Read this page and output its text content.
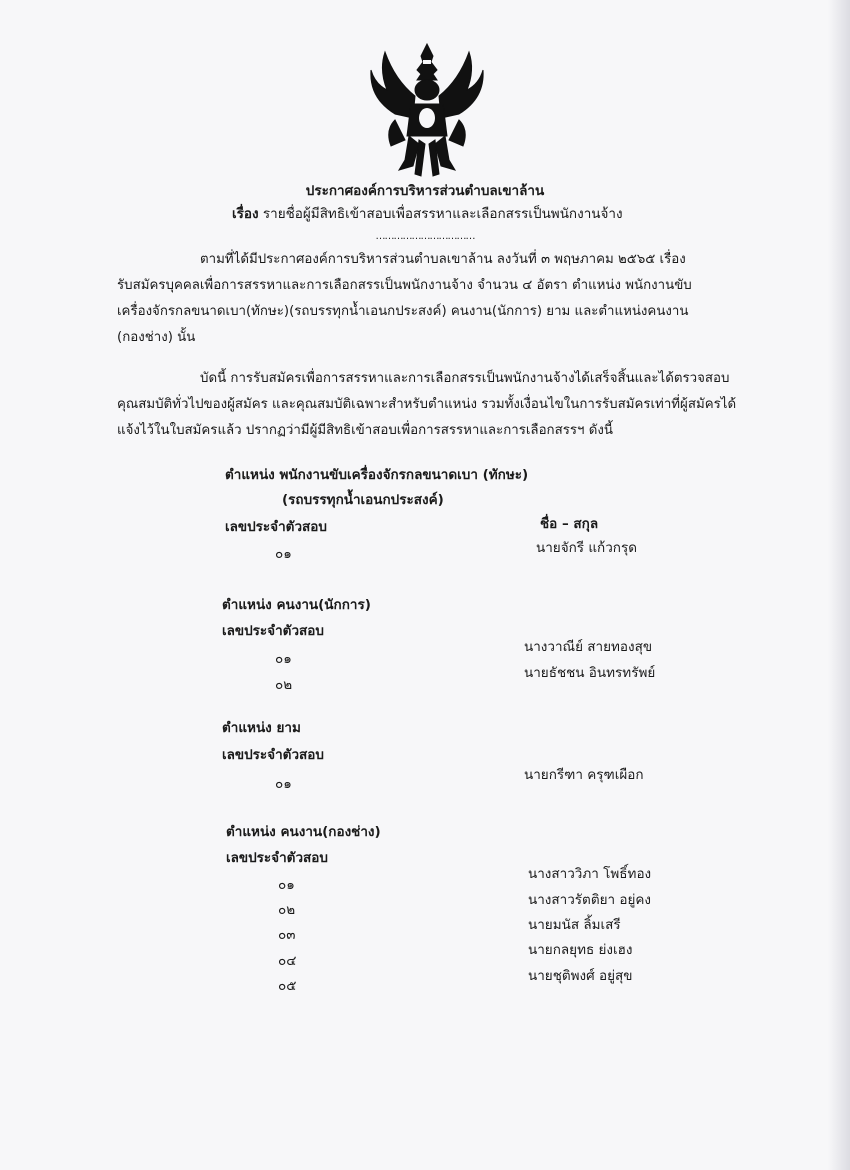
ประกาศองค์การบริหารส่วนตำบลเขาล้าน
เรื่อง รายชื่อผู้มีสิทธิเข้าสอบเพื่อสรรหาและเลือกสรรเป็นพนักงานจ้าง
……………………………
ตามที่ได้มีประกาศองค์การบริหารส่วนตำบลเขาล้าน ลงวันที่ ๓ พฤษภาคม ๒๕๖๕ เรื่อง
รับสมัครบุคคลเพื่อการสรรหาและการเลือกสรรเป็นพนักงานจ้าง จำนวน ๔ อัตรา ตำแหน่ง พนักงานขับ
เครื่องจักรกลขนาดเบา(ทักษะ)(รถบรรทุกน้ำเอนกประสงค์) คนงาน(นักการ) ยาม และตำแหน่งคนงาน
(กองช่าง) นั้น
บัดนี้ การรับสมัครเพื่อการสรรหาและการเลือกสรรเป็นพนักงานจ้างได้เสร็จสิ้นและได้ตรวจสอบ
คุณสมบัติทั่วไปของผู้สมัคร และคุณสมบัติเฉพาะสำหรับตำแหน่ง รวมทั้งเงื่อนไขในการรับสมัครเท่าที่ผู้สมัครได้
แจ้งไว้ในใบสมัครแล้ว ปรากฏว่ามีผู้มีสิทธิเข้าสอบเพื่อการสรรหาและการเลือกสรรฯ ดังนี้
ตำแหน่ง พนักงานขับเครื่องจักรกลขนาดเบา (ทักษะ)
(รถบรรทุกน้ำเอนกประสงค์)
เลขประจำตัวสอบ	ชื่อ – สกุล
๐๑	นายจักรี แก้วกรุด
ตำแหน่ง คนงาน(นักการ)
เลขประจำตัวสอบ
๐๑
นางวาณีย์ สายทองสุข
๐๒
นายธัชชน อินทรทรัพย์
ตำแหน่ง ยาม
เลขประจำตัวสอบ
๐๑
นายกรีฑา ครุฑเผือก
ตำแหน่ง คนงาน(กองช่าง)
เลขประจำตัวสอบ
๐๑
นางสาววิภา โพธิ์ทอง
๐๒
นางสาวรัตติยา อยู่คง
๐๓
นายมนัส ลิ้มเสรี
๐๔
นายกลยุทธ ย่งเฮง
๐๕
นายชุติพงศ์ อยู่สุข
